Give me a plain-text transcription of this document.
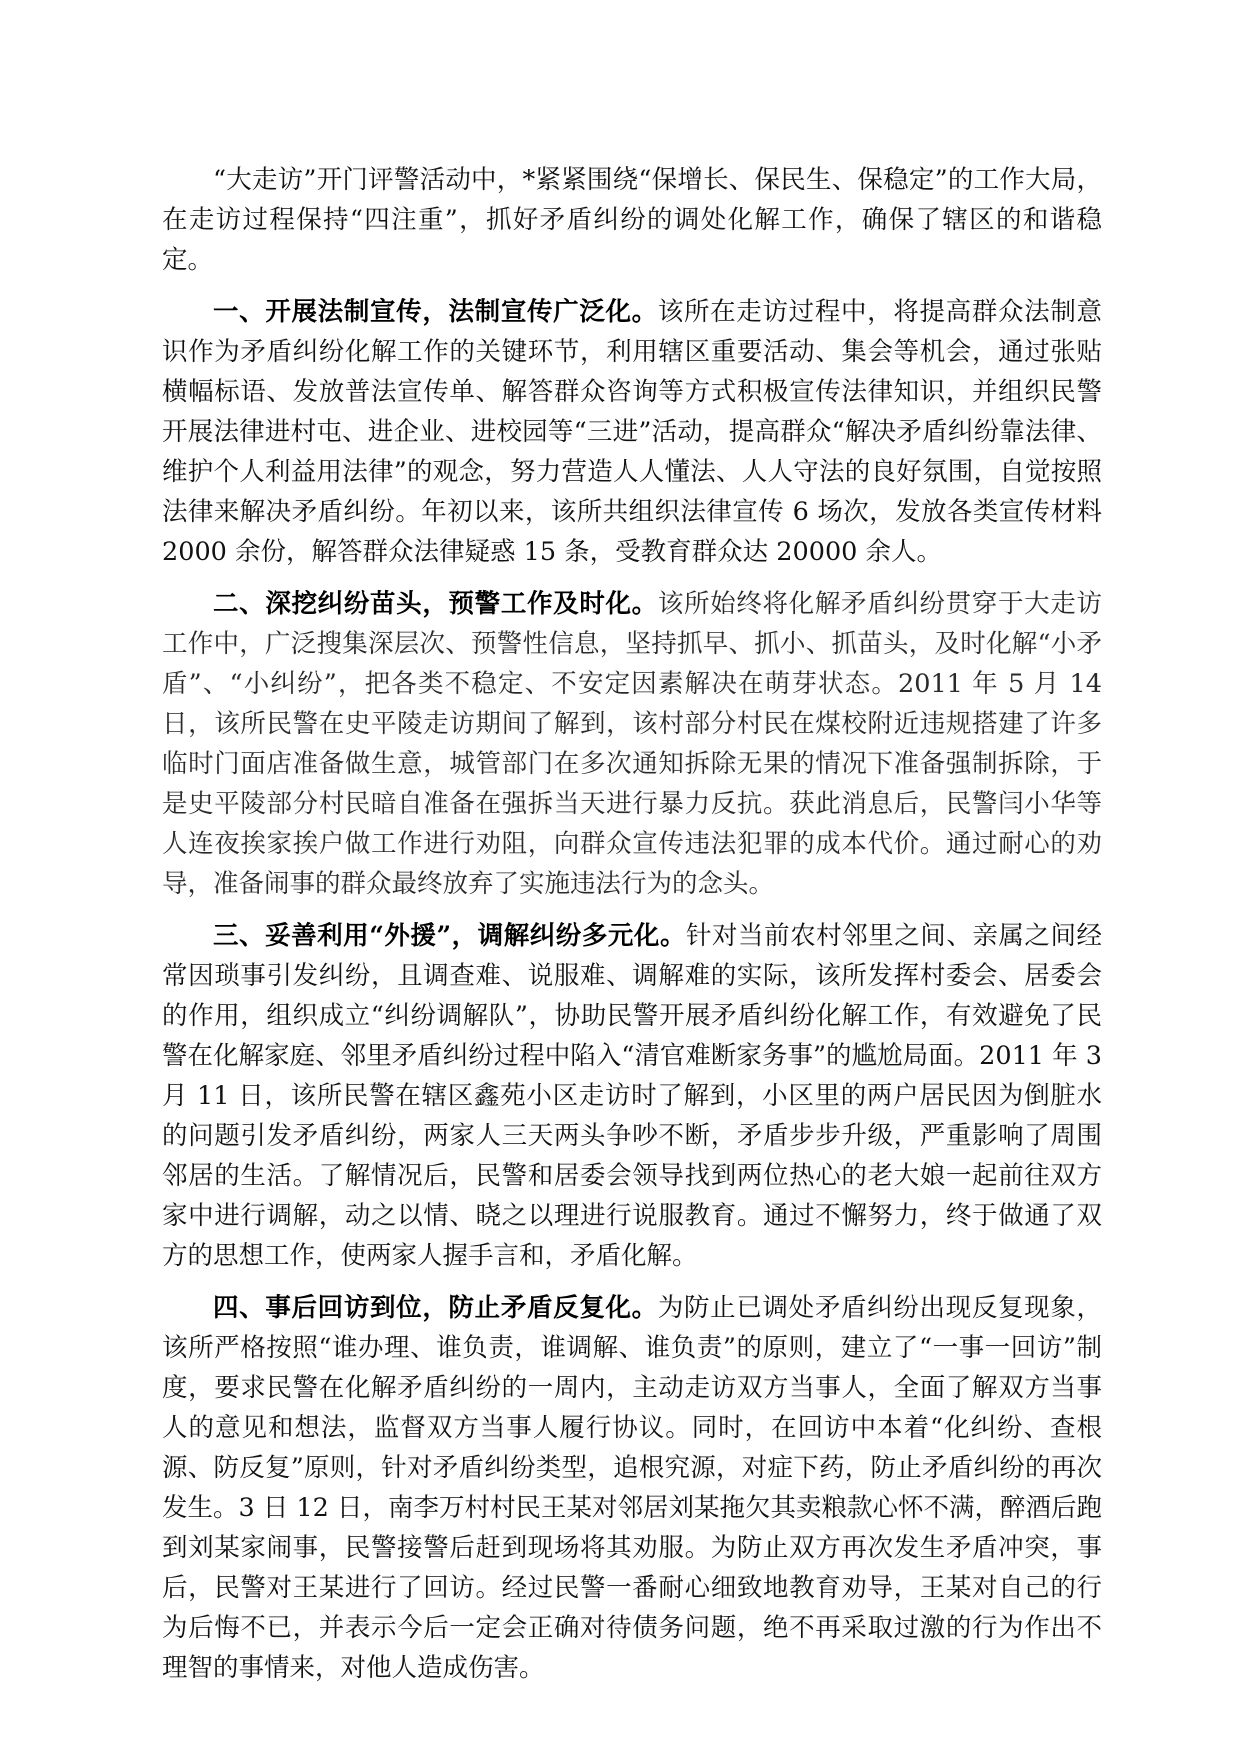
“大走访”开门评警活动中，*紧紧围绕“保增长、保民生、保稳定”的工作大局，在走访过程保持“四注重”，抓好矛盾纠纷的调处化解工作，确保了辖区的和谐稳定。

一、开展法制宣传，法制宣传广泛化。该所在走访过程中，将提高群众法制意识作为矛盾纠纷化解工作的关键环节，利用辖区重要活动、集会等机会，通过张贴横幅标语、发放普法宣传单、解答群众咨询等方式积极宣传法律知识，并组织民警开展法律进村屯、进企业、进校园等“三进”活动，提高群众“解决矛盾纠纷靠法律、维护个人利益用法律”的观念，努力营造人人懂法、人人守法的良好氛围，自觉按照法律来解决矛盾纠纷。年初以来，该所共组织法律宣传 6 场次，发放各类宣传材料 2000 余份，解答群众法律疑惑 15 条，受教育群众达 20000 余人。

二、深挖纠纷苗头，预警工作及时化。该所始终将化解矛盾纠纷贯穿于大走访工作中，广泛搜集深层次、预警性信息，坚持抓早、抓小、抓苗头，及时化解“小矛盾”、“小纠纷”，把各类不稳定、不安定因素解决在萌芽状态。2011 年 5 月 14 日，该所民警在史平陵走访期间了解到，该村部分村民在煤校附近违规搭建了许多临时门面店准备做生意，城管部门在多次通知拆除无果的情况下准备强制拆除，于是史平陵部分村民暗自准备在强拆当天进行暴力反抗。获此消息后，民警闫小华等人连夜挨家挨户做工作进行劝阻，向群众宣传违法犯罪的成本代价。通过耐心的劝导，准备闹事的群众最终放弃了实施违法行为的念头。

三、妥善利用“外援”，调解纠纷多元化。针对当前农村邻里之间、亲属之间经常因琐事引发纠纷，且调查难、说服难、调解难的实际，该所发挥村委会、居委会的作用，组织成立“纠纷调解队”，协助民警开展矛盾纠纷化解工作，有效避免了民警在化解家庭、邻里矛盾纠纷过程中陷入“清官难断家务事”的尴尬局面。2011 年 3 月 11 日，该所民警在辖区鑫苑小区走访时了解到，小区里的两户居民因为倒脏水的问题引发矛盾纠纷，两家人三天两头争吵不断，矛盾步步升级，严重影响了周围邻居的生活。了解情况后，民警和居委会领导找到两位热心的老大娘一起前往双方家中进行调解，动之以情、晓之以理进行说服教育。通过不懈努力，终于做通了双方的思想工作，使两家人握手言和，矛盾化解。

四、事后回访到位，防止矛盾反复化。为防止已调处矛盾纠纷出现反复现象，该所严格按照“谁办理、谁负责，谁调解、谁负责”的原则，建立了“一事一回访”制度，要求民警在化解矛盾纠纷的一周内，主动走访双方当事人，全面了解双方当事人的意见和想法，监督双方当事人履行协议。同时，在回访中本着“化纠纷、查根源、防反复”原则，针对矛盾纠纷类型，追根究源，对症下药，防止矛盾纠纷的再次发生。3 日 12 日，南李万村村民王某对邻居刘某拖欠其卖粮款心怀不满，醉酒后跑到刘某家闹事，民警接警后赶到现场将其劝服。为防止双方再次发生矛盾冲突，事后，民警对王某进行了回访。经过民警一番耐心细致地教育劝导，王某对自己的行为后悔不已，并表示今后一定会正确对待债务问题，绝不再采取过激的行为作出不理智的事情来，对他人造成伤害。
